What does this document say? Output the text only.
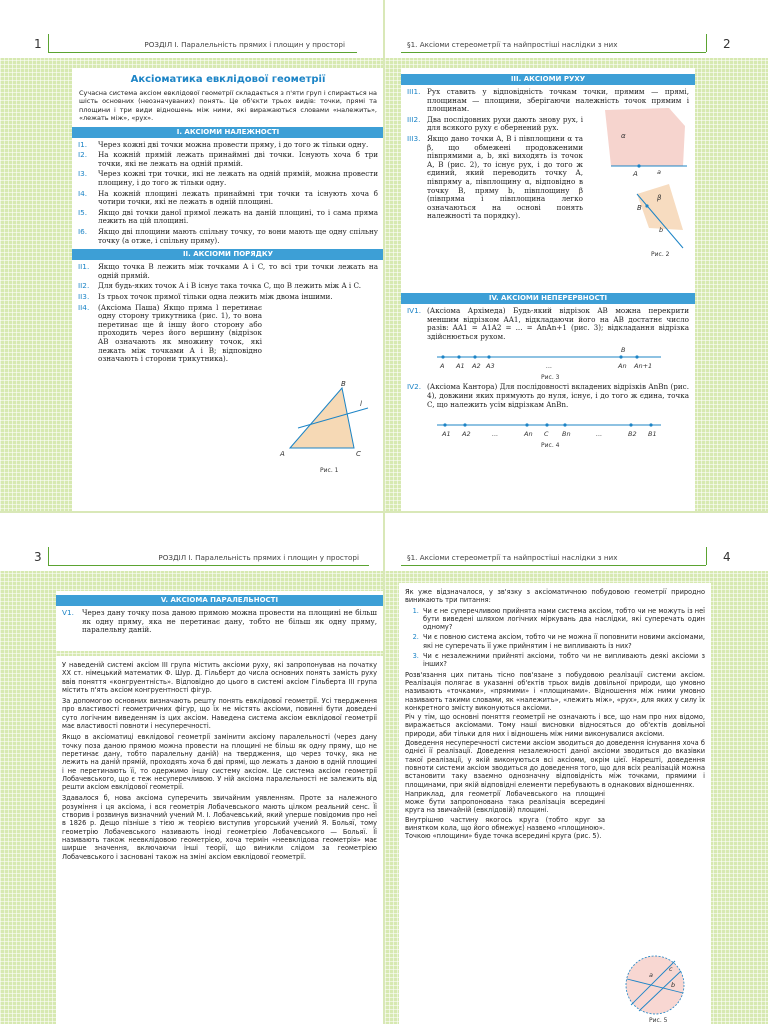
1	РОЗДІЛ І. Паралельність прямих і площин у просторі
Аксіоматика евклідової геометрії
Сучасна система аксіом евклідової геометрії складається з п'яти груп і спирається на шість основних (неозначуваних) понять. Це об'єкти трьох видів: точки, прямі та площини і три види відношень між ними, які виражаються словами «належить», «лежать між», «рух».
I. АКСІОМИ НАЛЕЖНОСТІ
I1. Через кожні дві точки можна провести пряму, і до того ж тільки одну.
I2. На кожній прямій лежать принаймні дві точки. Існують хоча б три точки, які не лежать на одній прямій.
I3. Через кожні три точки, які не лежать на одній прямій, можна провести площину, і до того ж тільки одну.
I4. На кожній площині лежать принаймні три точки та існують хоча б чотири точки, які не лежать в одній площині.
I5. Якщо дві точки даної прямої лежать на даній площині, то і сама пряма лежить на цій площині.
I6. Якщо дві площини мають спільну точку, то вони мають ще одну спільну точку (а отже, і спільну пряму).
II. АКСІОМИ ПОРЯДКУ
II1. Якщо точка B лежить між точками A і C, то всі три точки лежать на одній прямій.
II2. Для будь-яких точок A і B існує така точка C, що B лежить між A і C.
II3. Із трьох точок прямої тільки одна лежить між двома іншими.
II4. (Аксіома Паша) Якщо пряма l перетинає одну сторону трикутника (рис. 1), то вона перетинає ще й іншу його сторону або проходить через його вершину (відрізок AB означають як множину точок, які лежать між точками A і B; відповідно означають і сторони трикутника).
A
B
C
l
Рис. 1
§1. Аксіоми стереометрії та найпростіші наслідки з них	2
III. АКСІОМИ РУХУ
III1. Рух ставить у відповідність точкам точки, прямим — прямі, площинам — площини, зберігаючи належність точок прямим і площинам.
III2. Два послідовних рухи дають знову рух, і для всякого руху є обернений рух.
III3. Якщо дано точки A, B і півплощини α та β, що обмежені продовженими півпрямими a, b, які виходять із точок A, B (рис. 2), то існує рух, і до того ж єдиний, який переводить точку A, півпряму a, півплощину α, відповідно в точку B, пряму b, півплощину β (півпряма і півплощина легко означаються на основі понять належності та порядку).
α
A	a
β
B
b
Рис. 2
IV. АКСІОМИ НЕПЕРЕРВНОСТІ
IV1. (Аксіома Архімеда) Будь-який відрізок AB можна перекрити меншим відрізком AA1, відкладаючи його на AB достатнє число разів: AA1 = A1A2 = ... = AnAn+1 (рис. 3); відкладання відрізка здійснюється рухом.
A A1 A2 A3	...	An An+1
B
Рис. 3
IV2. (Аксіома Кантора) Для послідовності вкладених відрізків AnBn (рис. 4), довжини яких прямують до нуля, існує, і до того ж єдина, точка C, що належить усім відрізкам AnBn.
A1 A2	...	An C Bn	...	B2 B1
Рис. 4
3	РОЗДІЛ І. Паралельність прямих і площин у просторі
V. АКСІОМА ПАРАЛЕЛЬНОСТІ
V1. Через дану точку поза даною прямою можна провести на площині не більш як одну пряму, яка не перетинає дану, тобто не більш як одну пряму, паралельну даній.

У наведеній системі аксіом III група містить аксіоми руху, які запропонував на початку XX ст. німецький математик Ф. Шур. Д. Гільберт до числа основних понять замість руху ввів поняття «конгруентність». Відповідно до цього в системі аксіом Гільберта III група містить п'ять аксіом конгруентності фігур.

За допомогою основних визначають решту понять евклідової геометрії. Усі твердження про властивості геометричних фігур, що їх не містять аксіоми, повинні бути доведені суто логічним виведенням із цих аксіом. Наведена система аксіом евклідової геометрії має властивості повноти і несуперечності.

Якщо в аксіоматиці евклідової геометрії замінити аксіому паралельності (через дану точку поза даною прямою можна провести на площині не більш як одну пряму, що не перетинає дану, тобто паралельну даній) на твердження, що через точку, яка не лежить на даній прямій, проходять хоча б дві прямі, що лежать з даною в одній площині і не перетинають її, то одержимо іншу систему аксіом. Це система аксіом геометрії Лобачевського, що є теж несуперечливою. У ній аксіома паралельності не залежить від решти аксіом евклідової геометрії.

Здавалося б, нова аксіома суперечить звичайним уявленням. Проте за належного розуміння і ця аксіома, і вся геометрія Лобачевського мають цілком реальний сенс. Її створив і розвинув визначний учений М. І. Лобачевський, який уперше повідомив про неї в 1826 р. Дещо пізніше з тією ж теорією виступив угорський учений Я. Больяї, тому геометрію Лобачевського називають іноді геометрією Лобачевського — Больяї. Її називають також неевклідовою геометрією, хоча термін «неевклідова геометрія» має ширше значення, включаючи інші теорії, що виникли слідом за геометрією Лобачевського і засновані також на зміні аксіом евклідової геометрії.

§1. Аксіоми стереометрії та найпростіші наслідки з них	4

Як уже відзначалося, у зв'язку з аксіоматичною побудовою геометрії природно виникають три питання:

1. Чи є не суперечливою прийнята нами система аксіом, тобто чи не можуть із неї бути виведені шляхом логічних міркувань два наслідки, які суперечать один одному?
2. Чи є повною система аксіом, тобто чи не можна її поповнити новими аксіомами, які не суперечать її уже прийнятим і не випливають із них?
3. Чи є незалежними прийняті аксіоми, тобто чи не випливають деякі аксіоми з інших?

Розв'язання цих питань тісно пов'язане з побудовою реалізації системи аксіом. Реалізація полягає в указанні об'єктів трьох видів довільної природи, що умовно називають «точками», «прямими» і «площинами». Відношення між ними умовно називають такими словами, як «належить», «лежить між», «рух», для яких у силу їх конкретного змісту виконуються аксіоми.

Річ у тім, що основні поняття геометрії не означають і все, що нам про них відомо, виражається аксіомами. Тому наші висновки відносяться до об'єктів довільної природи, аби тільки для них і відношень між ними виконувалися аксіоми.

Доведення несуперечності системи аксіом зводиться до доведення існування хоча б однієї її реалізації. Доведення незалежності даної аксіоми зводиться до вказівки такої реалізації, у якій виконуються всі аксіоми, окрім цієї. Нарешті, доведення повноти системи аксіом зводиться до доведення того, що для всіх реалізацій можна встановити таку взаємно однозначну відповідність між точками, прямими і площинами, при якій відповідні елементи перебувають в однакових відношеннях.

Наприклад, для геометрії Лобачевського на площині може бути запропонована така реалізація всередині круга на звичайній (евклідовій) площині.

Внутрішню частину якогось круга (тобто круг за винятком кола, що його обмежує) назвемо «площиною». Точкою «площини» буде точка всередині круга (рис. 5).

c
b
a
Рис. 5
